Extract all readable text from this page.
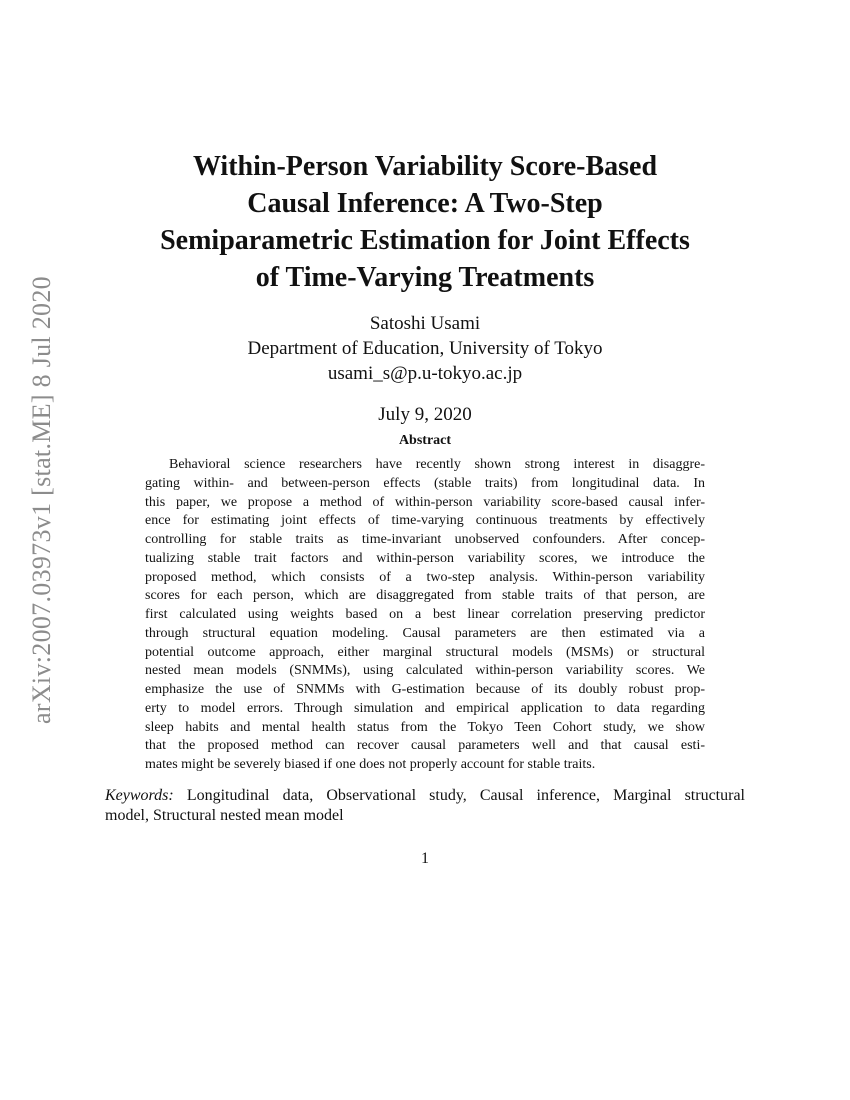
arXiv:2007.03973v1 [stat.ME] 8 Jul 2020
Within-Person Variability Score-Based
Causal Inference: A Two-Step
Semiparametric Estimation for Joint Effects
of Time-Varying Treatments
Satoshi Usami
Department of Education, University of Tokyo
usami_s@p.u-tokyo.ac.jp
July 9, 2020
Abstract
Behavioral science researchers have recently shown strong interest in disaggre-
gating within- and between-person effects (stable traits) from longitudinal data. In
this paper, we propose a method of within-person variability score-based causal infer-
ence for estimating joint effects of time-varying continuous treatments by effectively
controlling for stable traits as time-invariant unobserved confounders. After concep-
tualizing stable trait factors and within-person variability scores, we introduce the
proposed method, which consists of a two-step analysis. Within-person variability
scores for each person, which are disaggregated from stable traits of that person, are
first calculated using weights based on a best linear correlation preserving predictor
through structural equation modeling. Causal parameters are then estimated via a
potential outcome approach, either marginal structural models (MSMs) or structural
nested mean models (SNMMs), using calculated within-person variability scores. We
emphasize the use of SNMMs with G-estimation because of its doubly robust prop-
erty to model errors. Through simulation and empirical application to data regarding
sleep habits and mental health status from the Tokyo Teen Cohort study, we show
that the proposed method can recover causal parameters well and that causal esti-
mates might be severely biased if one does not properly account for stable traits.
Keywords: Longitudinal data, Observational study, Causal inference, Marginal structural
model, Structural nested mean model
1
